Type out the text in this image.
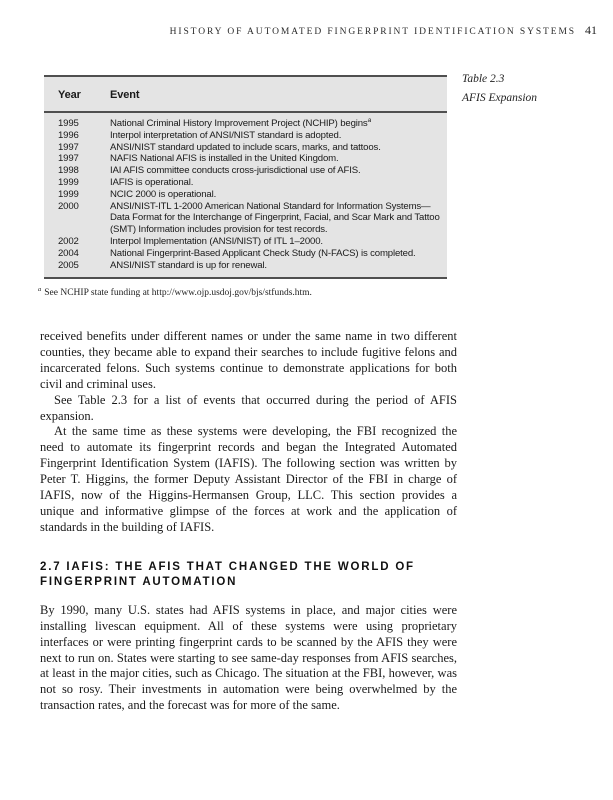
HISTORY OF AUTOMATED FINGERPRINT IDENTIFICATION SYSTEMS 41
Year	Event
1995	National Criminal History Improvement Project (NCHIP) begins$^a$
1996	Interpol interpretation of ANSI/NIST standard is adopted.
1997	ANSI/NIST standard updated to include scars, marks, and tattoos.
1997	NAFIS National AFIS is installed in the United Kingdom.
1998	IAI AFIS committee conducts cross-jurisdictional use of AFIS.
1999	IAFIS is operational.
1999	NCIC 2000 is operational.
2000	ANSI/NIST-ITL 1-2000 American National Standard for Information Systems—Data Format for the Interchange of Fingerprint, Facial, and Scar Mark and Tattoo (SMT) Information includes provision for test records.
2002	Interpol Implementation (ANSI/NIST) of ITL 1–2000.
2004	National Fingerprint-Based Applicant Check Study (N-FACS) is completed.
2005	ANSI/NIST standard is up for renewal.
Table 2.3
AFIS Expansion
$^a$ See NCHIP state funding at http://www.ojp.usdoj.gov/bjs/stfunds.htm.

received benefits under different names or under the same name in two different counties, they became able to expand their searches to include fugitive felons and incarcerated felons. Such systems continue to demonstrate applications for both civil and criminal uses.

See Table 2.3 for a list of events that occurred during the period of AFIS expansion.

At the same time as these systems were developing, the FBI recognized the need to automate its fingerprint records and began the Integrated Automated Fingerprint Identification System (IAFIS). The following section was written by Peter T. Higgins, the former Deputy Assistant Director of the FBI in charge of IAFIS, now of the Higgins-Hermansen Group, LLC. This section provides a unique and informative glimpse of the forces at work and the application of standards in the building of IAFIS.

2.7 IAFIS: THE AFIS THAT CHANGED THE WORLD OF FINGERPRINT AUTOMATION

By 1990, many U.S. states had AFIS systems in place, and major cities were installing livescan equipment. All of these systems were using proprietary interfaces or were printing fingerprint cards to be scanned by the AFIS they were next to run on. States were starting to see same-day responses from AFIS searches, at least in the major cities, such as Chicago. The situation at the FBI, however, was not so rosy. Their investments in automation were being overwhelmed by the transaction rates, and the forecast was for more of the same.
